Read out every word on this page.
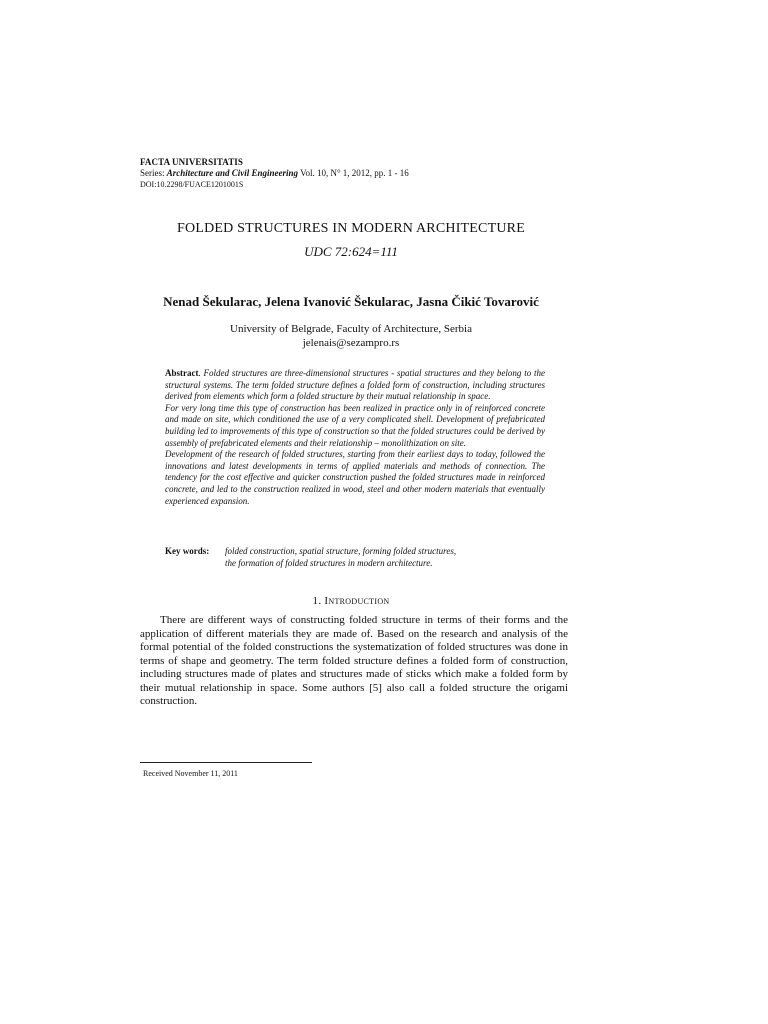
FACTA UNIVERSITATIS
Series: Architecture and Civil Engineering Vol. 10, N° 1, 2012, pp. 1 - 16
DOI:10.2298/FUACE1201001S
FOLDED STRUCTURES IN MODERN ARCHITECTURE
UDC 72:624=111
Nenad Šekularac, Jelena Ivanović Šekularac, Jasna Čikić Tovarović
University of Belgrade, Faculty of Architecture, Serbia
jelenais@sezampro.rs

Abstract. Folded structures are three-dimensional structures - spatial structures and they belong to the structural systems. The term folded structure defines a folded form of construction, including structures derived from elements which form a folded structure by their mutual relationship in space.

For very long time this type of construction has been realized in practice only in of reinforced concrete and made on site, which conditioned the use of a very complicated shell. Development of prefabricated building led to improvements of this type of construction so that the folded structures could be derived by assembly of prefabricated elements and their relationship – monolithization on site.

Development of the research of folded structures, starting from their earliest days to today, followed the innovations and latest developments in terms of applied materials and methods of connection. The tendency for the cost effective and quicker construction pushed the folded structures made in reinforced concrete, and led to the construction realized in wood, steel and other modern materials that eventually experienced expansion.

Key words: folded construction, spatial structure, forming folded structures,
the formation of folded structures in modern architecture.
1. Introduction

There are different ways of constructing folded structure in terms of their forms and the application of different materials they are made of. Based on the research and analysis of the formal potential of the folded constructions the systematization of folded structures was done in terms of shape and geometry. The term folded structure defines a folded form of construction, including structures made of plates and structures made of sticks which make a folded form by their mutual relationship in space. Some authors [5] also call a folded structure the origami construction.

Received November 11, 2011
